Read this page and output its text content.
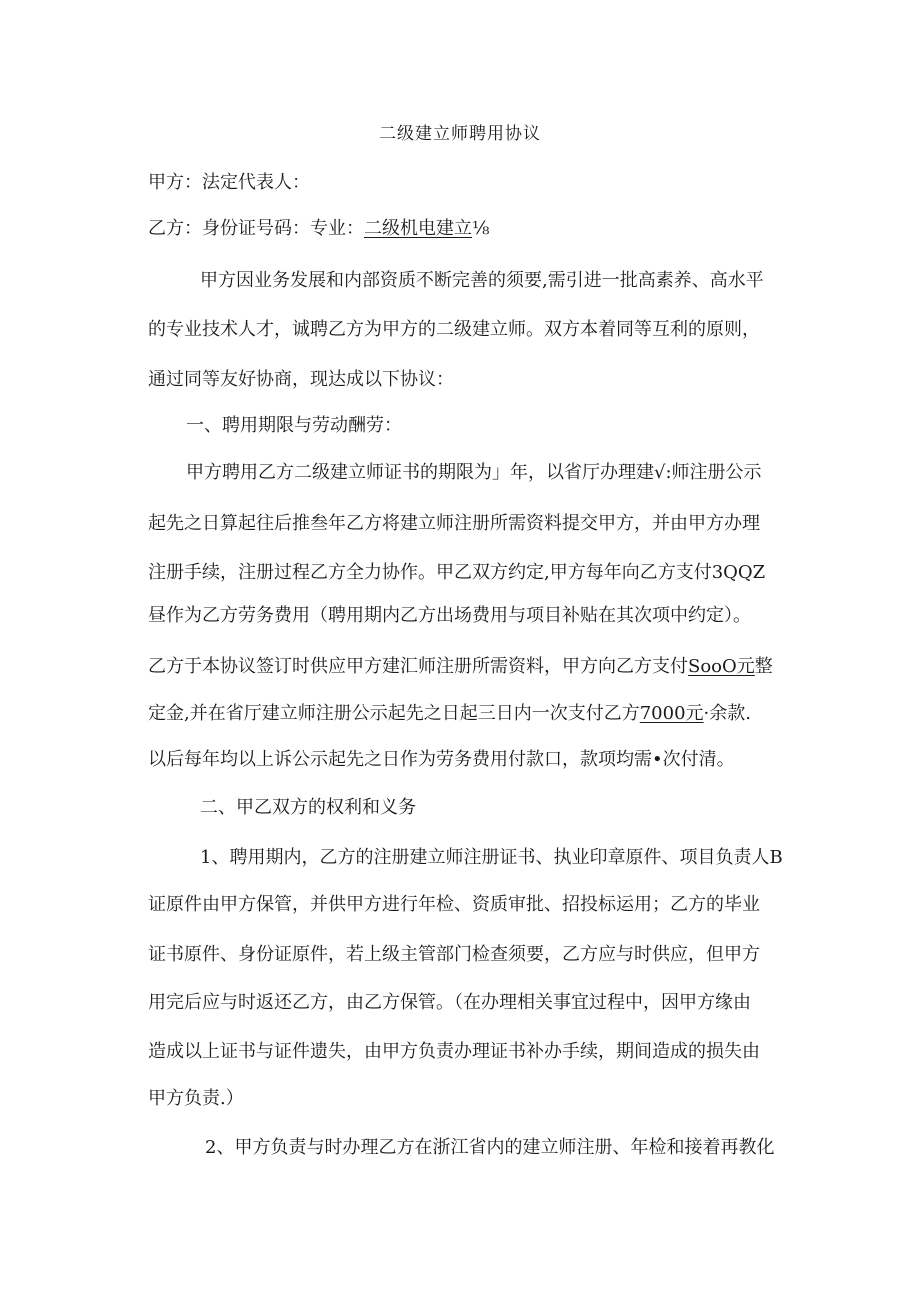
二级建立师聘用协议
甲方：法定代表人：
乙方：身份证号码：专业：二级机电建立⅛
甲方因业务发展和内部资质不断完善的须要,需引进一批高素养、高水平
的专业技术人才，诚聘乙方为甲方的二级建立师。双方本着同等互利的原则，
通过同等友好协商，现达成以下协议：
一、聘用期限与劳动酬劳：
甲方聘用乙方二级建立师证书的期限为」年，以省厅办理建√:师注册公示
起先之日算起往后推叁年乙方将建立师注册所需资料提交甲方，并由甲方办理
注册手续，注册过程乙方全力协作。甲乙双方约定,甲方每年向乙方支付3QQZ
昼作为乙方劳务费用（聘用期内乙方出场费用与项目补贴在其次项中约定）。
乙方于本协议签订时供应甲方建汇师注册所需资料，甲方向乙方支付SooO元整
定金,并在省厅建立师注册公示起先之日起三日内一次支付乙方7000元·余款.
以后每年均以上诉公示起先之日作为劳务费用付款口，款项均需•次付清。
二、甲乙双方的权利和义务
1、聘用期内，乙方的注册建立师注册证书、执业印章原件、项目负责人B
证原件由甲方保管，并供甲方进行年检、资质审批、招投标运用；乙方的毕业
证书原件、身份证原件，若上级主管部门检查须要，乙方应与时供应，但甲方
用完后应与时返还乙方，由乙方保管。（在办理相关事宜过程中，因甲方缘由
造成以上证书与证件遗失，由甲方负责办理证书补办手续，期间造成的损失由
甲方负责.）
2、甲方负责与时办理乙方在浙江省内的建立师注册、年检和接着再教化
